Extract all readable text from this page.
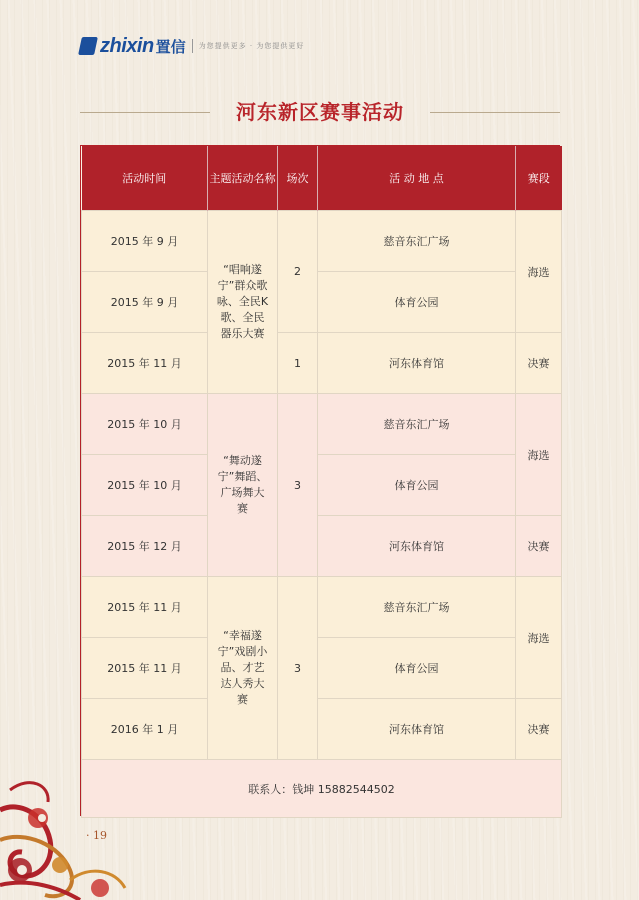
zhixin 置信 为您提供更多 · 为您提供更好
河东新区赛事活动
活动时间	主题活动名称	场次	活 动 地 点	赛段
2015 年 9 月	“唱响遂宁”群众歌咏、全民K歌、全民器乐大赛	2	慈音东汇广场	海选
2015 年 9 月			体育公园	
2015 年 11 月		1	河东体育馆	决赛
2015 年 10 月	“舞动遂宁”舞蹈、广场舞大赛	3	慈音东汇广场	海选
2015 年 10 月			体育公园	
2015 年 12 月			河东体育馆	决赛
2015 年 11 月	“幸福遂宁”戏剧小品、才艺达人秀大赛	3	慈音东汇广场	海选
2015 年 11 月			体育公园	
2016 年 1 月			河东体育馆	决赛
联系人：钱坤 15882544502				
· 19
